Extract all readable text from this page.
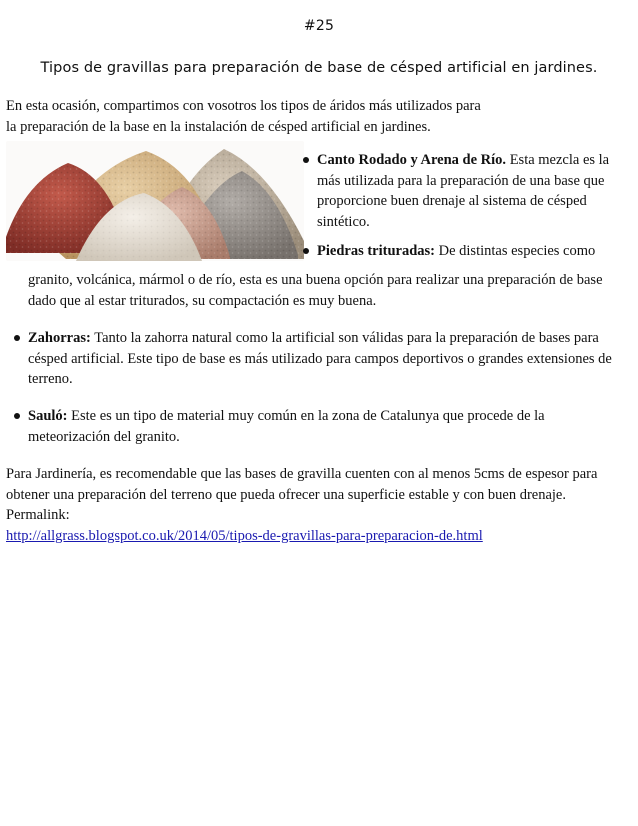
#25
Tipos de gravillas para preparación de base de césped artificial en jardines.

En esta ocasión, compartimos con vosotros los tipos de áridos más utilizados para
la preparación de la base en la instalación de césped artificial en jardines.

Canto Rodado y Arena de Río. Esta mezcla es la
más utilizada para la preparación de una base que
proporcione buen drenaje al sistema de césped
sintético.
Piedras trituradas: De distintas especies como

granito, volcánica, mármol o de río, esta es una buena opción para realizar una preparación de base
dado que al estar triturados, su compactación es muy buena.

Zahorras: Tanto la zahorra natural como la artificial son válidas para la preparación de bases para
césped artificial. Este tipo de base es más utilizado para campos deportivos o grandes extensiones de
terreno.
Sauló: Este es un tipo de material muy común en la zona de Catalunya que procede de la
meteorización del granito.

Para Jardinería, es recomendable que las bases de gravilla cuenten con al menos 5cms de espesor para
obtener una preparación del terreno que pueda ofrecer una superficie estable y con buen drenaje.
Permalink:
http://allgrass.blogspot.co.uk/2014/05/tipos-de-gravillas-para-preparacion-de.html
